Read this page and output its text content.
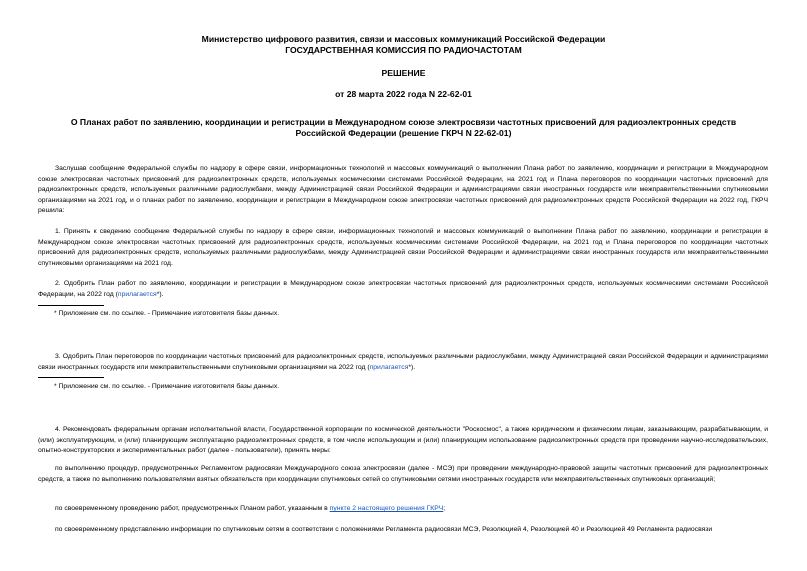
Министерство цифрового развития, связи и массовых коммуникаций Российской Федерации
ГОСУДАРСТВЕННАЯ КОМИССИЯ ПО РАДИОЧАСТОТАМ
РЕШЕНИЕ
от 28 марта 2022 года N 22-62-01
О Планах работ по заявлению, координации и регистрации в Международном союзе электросвязи частотных присвоений для радиоэлектронных средств
Российской Федерации (решение ГКРЧ N 22-62-01)

Заслушав сообщение Федеральной службы по надзору в сфере связи, информационных технологий и массовых коммуникаций о выполнении Плана работ по заявлению, координации и регистрации в Международном союзе электросвязи частотных присвоений для радиоэлектронных средств, используемых космическими системами Российской Федерации, на 2021 год и Плана переговоров по координации частотных присвоений для радиоэлектронных средств, используемых различными радиослужбами, между Администрацией связи Российской Федерации и администрациями связи иностранных государств или межправительственными спутниковыми организациями на 2021 год, и о планах работ по заявлению, координации и регистрации в Международном союзе электросвязи частотных присвоений для радиоэлектронных средств Российской Федерации на 2022 год, ГКРЧ решила:

1. Принять к сведению сообщение Федеральной службы по надзору в сфере связи, информационных технологий и массовых коммуникаций о выполнении Плана работ по заявлению, координации и регистрации в Международном союзе электросвязи частотных присвоений для радиоэлектронных средств, используемых космическими системами Российской Федерации, на 2021 год и Плана переговоров по координации частотных присвоений для радиоэлектронных средств, используемых различными радиослужбами, между Администрацией связи Российской Федерации и администрациями связи иностранных государств или межправительственными спутниковыми организациями на 2021 год.

2. Одобрить План работ по заявлению, координации и регистрации в Международном союзе электросвязи частотных присвоений для радиоэлектронных средств, используемых космическими системами Российской Федерации, на 2022 год (прилагается*).

* Приложение см. по ссылке. - Примечание изготовителя базы данных.

3. Одобрить План переговоров по координации частотных присвоений для радиоэлектронных средств, используемых различными радиослужбами, между Администрацией связи Российской Федерации и администрациями связи иностранных государств или межправительственными спутниковыми организациями на 2022 год (прилагается*).

* Приложение см. по ссылке. - Примечание изготовителя базы данных.

4. Рекомендовать федеральным органам исполнительной власти, Государственной корпорации по космической деятельности "Роскосмос", а также юридическим и физическим лицам, заказывающим, разрабатывающим, и (или) эксплуатирующим, и (или) планирующим эксплуатацию радиоэлектронных средств, в том числе использующим и (или) планирующим использование радиоэлектронных средств при проведении научно-исследовательских, опытно-конструкторских и экспериментальных работ (далее - пользователи), принять меры:

по выполнению процедур, предусмотренных Регламентом радиосвязи Международного союза электросвязи (далее - МСЭ) при проведении международно-правовой защиты частотных присвоений для радиоэлектронных средств, а также по выполнению пользователями взятых обязательств при координации спутниковых сетей со спутниковыми сетями иностранных государств или межправительственных спутниковых организаций;

по своевременному проведению работ, предусмотренных Планом работ, указанным в пункте 2 настоящего решения ГКРЧ;

по своевременному представлению информации по спутниковым сетям в соответствии с положениями Регламента радиосвязи МСЭ, Резолюцией 4, Резолюцией 40 и Резолюцией 49 Регламента радиосвязи
